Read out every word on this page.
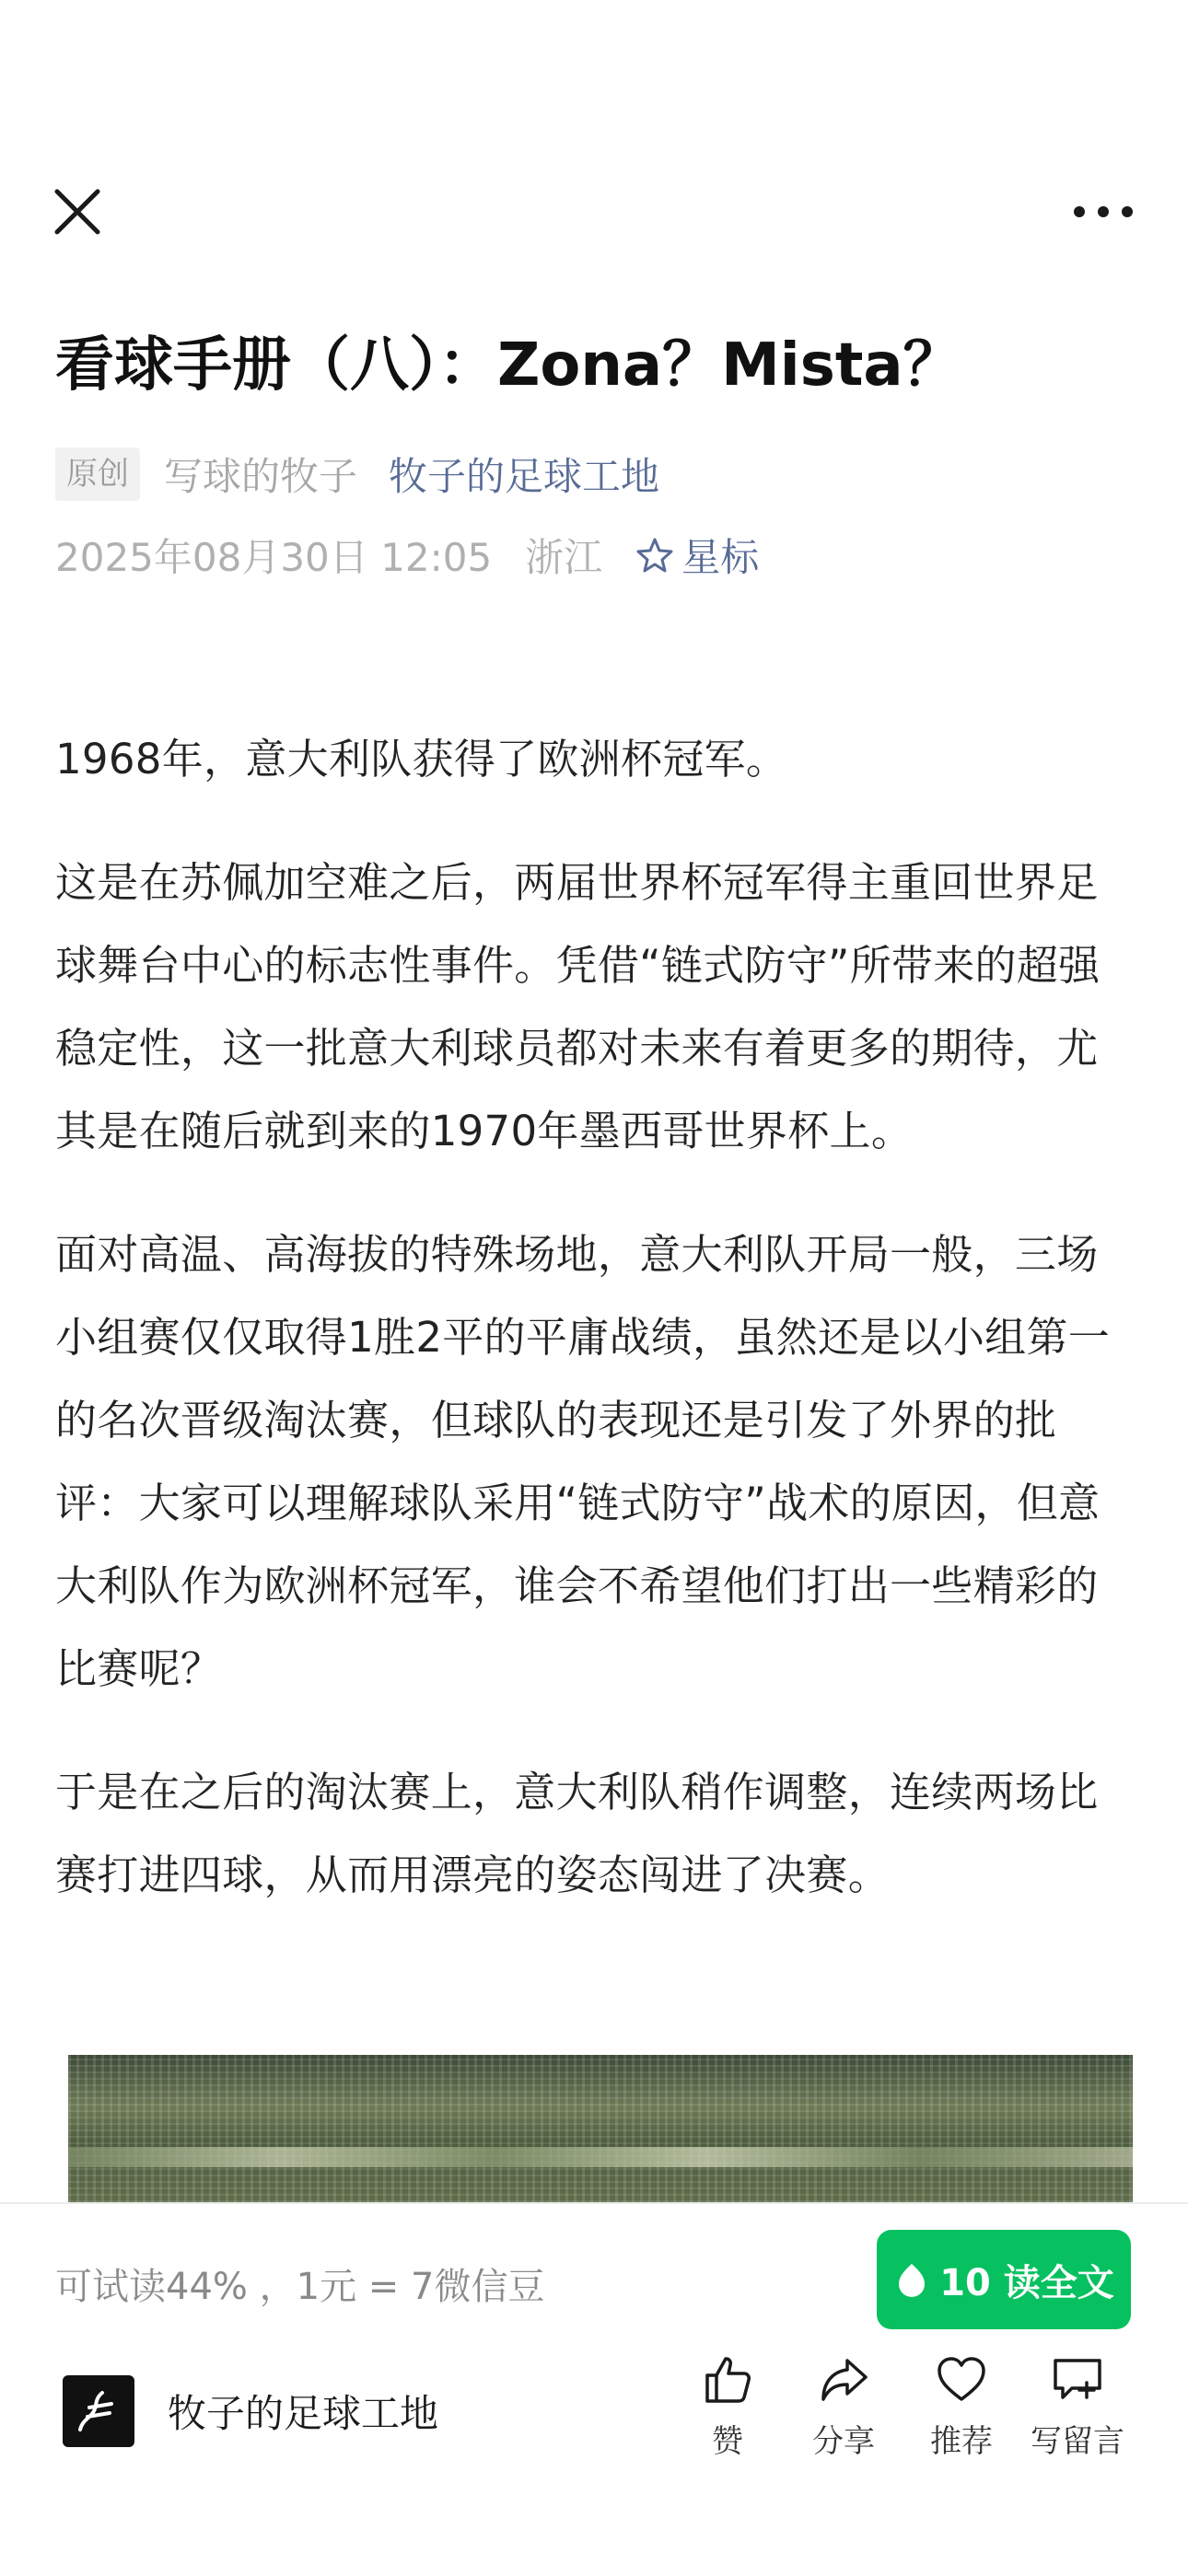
看球手册（八）：Zona？Mista？
原创 写球的牧子 牧子的足球工地
2025年08月30日 12:05 浙江 星标

1968年，意大利队获得了欧洲杯冠军。

这是在苏佩加空难之后，两届世界杯冠军得主重回世界足球舞台中心的标志性事件。凭借“链式防守”所带来的超强稳定性，这一批意大利球员都对未来有着更多的期待，尤其是在随后就到来的1970年墨西哥世界杯上。

面对高温、高海拔的特殊场地，意大利队开局一般，三场小组赛仅仅取得1胜2平的平庸战绩，虽然还是以小组第一的名次晋级淘汰赛，但球队的表现还是引发了外界的批评：大家可以理解球队采用“链式防守”战术的原因，但意大利队作为欧洲杯冠军，谁会不希望他们打出一些精彩的比赛呢？

于是在之后的淘汰赛上，意大利队稍作调整，连续两场比赛打进四球，从而用漂亮的姿态闯进了决赛。

可试读44% ，1元 = 7微信豆	10 读全文
牧子的足球工地
赞	分享	推荐	写留言
